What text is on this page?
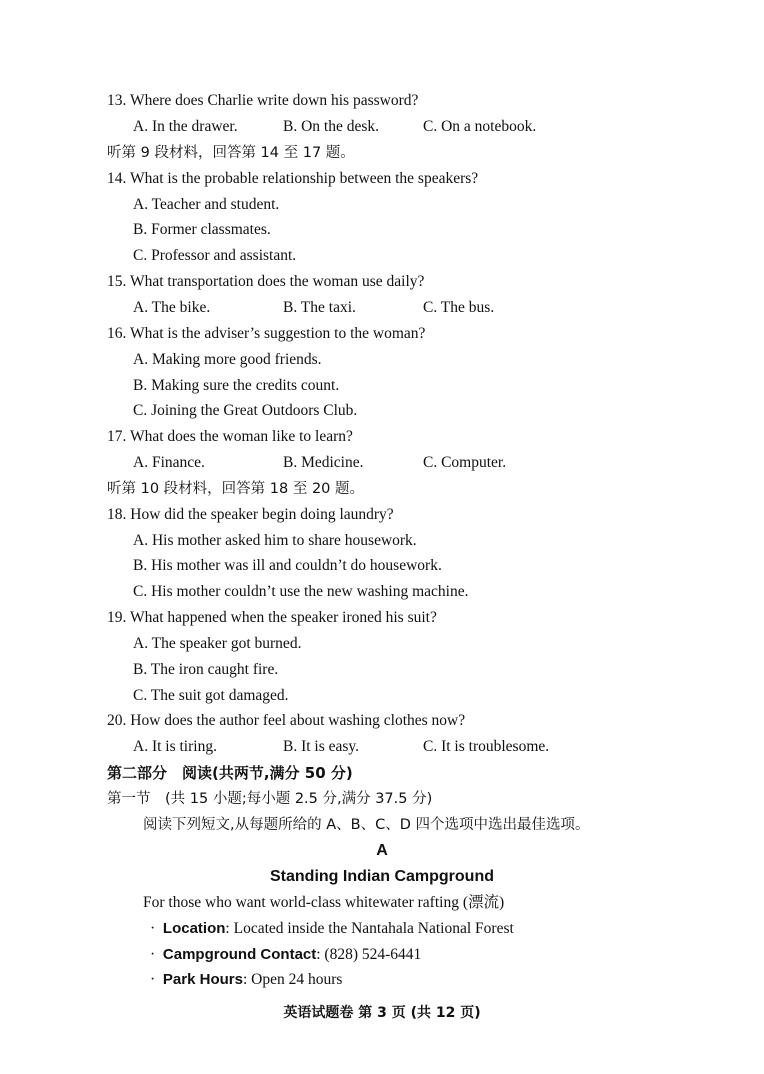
13. Where does Charlie write down his password?
A. In the drawer.	B. On the desk.	C. On a notebook.
听第 9 段材料，回答第 14 至 17 题。
14. What is the probable relationship between the speakers?
A. Teacher and student.
B. Former classmates.
C. Professor and assistant.
15. What transportation does the woman use daily?
A. The bike.	B. The taxi.	C. The bus.
16. What is the adviser’s suggestion to the woman?
A. Making more good friends.
B. Making sure the credits count.
C. Joining the Great Outdoors Club.
17. What does the woman like to learn?
A. Finance.	B. Medicine.	C. Computer.
听第 10 段材料，回答第 18 至 20 题。
18. How did the speaker begin doing laundry?
A. His mother asked him to share housework.
B. His mother was ill and couldn’t do housework.
C. His mother couldn’t use the new washing machine.
19. What happened when the speaker ironed his suit?
A. The speaker got burned.
B. The iron caught fire.
C. The suit got damaged.
20. How does the author feel about washing clothes now?
A. It is tiring.	B. It is easy.	C. It is troublesome.
第二部分　阅读(共两节,满分 50 分)
第一节　(共 15 小题;每小题 2.5 分,满分 37.5 分)
阅读下列短文,从每题所给的 A、B、C、D 四个选项中选出最佳选项。
A
Standing Indian Campground
For those who want world-class whitewater rafting (漂流)
· Location: Located inside the Nantahala National Forest
· Campground Contact: (828) 524-6441
· Park Hours: Open 24 hours
英语试题卷 第 3 页 (共 12 页)
